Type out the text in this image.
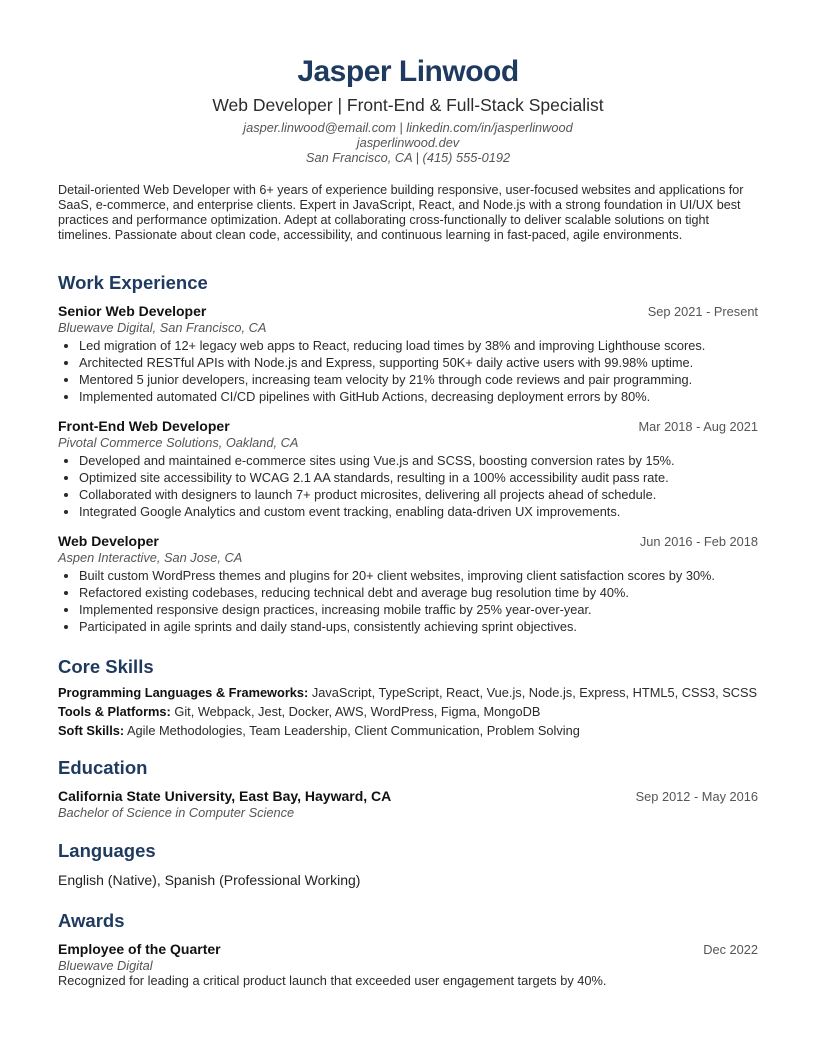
Jasper Linwood
Web Developer | Front-End & Full-Stack Specialist
jasper.linwood@email.com | linkedin.com/in/jasperlinwood
jasperlinwood.dev
San Francisco, CA | (415) 555-0192
Detail-oriented Web Developer with 6+ years of experience building responsive, user-focused websites and applications for SaaS, e-commerce, and enterprise clients. Expert in JavaScript, React, and Node.js with a strong foundation in UI/UX best practices and performance optimization. Adept at collaborating cross-functionally to deliver scalable solutions on tight timelines. Passionate about clean code, accessibility, and continuous learning in fast-paced, agile environments.
Work Experience
Senior Web Developer	Sep 2021 - Present
Bluewave Digital, San Francisco, CA
• Led migration of 12+ legacy web apps to React, reducing load times by 38% and improving Lighthouse scores.
• Architected RESTful APIs with Node.js and Express, supporting 50K+ daily active users with 99.98% uptime.
• Mentored 5 junior developers, increasing team velocity by 21% through code reviews and pair programming.
• Implemented automated CI/CD pipelines with GitHub Actions, decreasing deployment errors by 80%.
Front-End Web Developer	Mar 2018 - Aug 2021
Pivotal Commerce Solutions, Oakland, CA
• Developed and maintained e-commerce sites using Vue.js and SCSS, boosting conversion rates by 15%.
• Optimized site accessibility to WCAG 2.1 AA standards, resulting in a 100% accessibility audit pass rate.
• Collaborated with designers to launch 7+ product microsites, delivering all projects ahead of schedule.
• Integrated Google Analytics and custom event tracking, enabling data-driven UX improvements.
Web Developer	Jun 2016 - Feb 2018
Aspen Interactive, San Jose, CA
• Built custom WordPress themes and plugins for 20+ client websites, improving client satisfaction scores by 30%.
• Refactored existing codebases, reducing technical debt and average bug resolution time by 40%.
• Implemented responsive design practices, increasing mobile traffic by 25% year-over-year.
• Participated in agile sprints and daily stand-ups, consistently achieving sprint objectives.
Core Skills
Programming Languages & Frameworks: JavaScript, TypeScript, React, Vue.js, Node.js, Express, HTML5, CSS3, SCSS
Tools & Platforms: Git, Webpack, Jest, Docker, AWS, WordPress, Figma, MongoDB
Soft Skills: Agile Methodologies, Team Leadership, Client Communication, Problem Solving
Education
California State University, East Bay, Hayward, CA	Sep 2012 - May 2016
Bachelor of Science in Computer Science
Languages
English (Native), Spanish (Professional Working)
Awards
Employee of the Quarter	Dec 2022
Bluewave Digital
Recognized for leading a critical product launch that exceeded user engagement targets by 40%.
